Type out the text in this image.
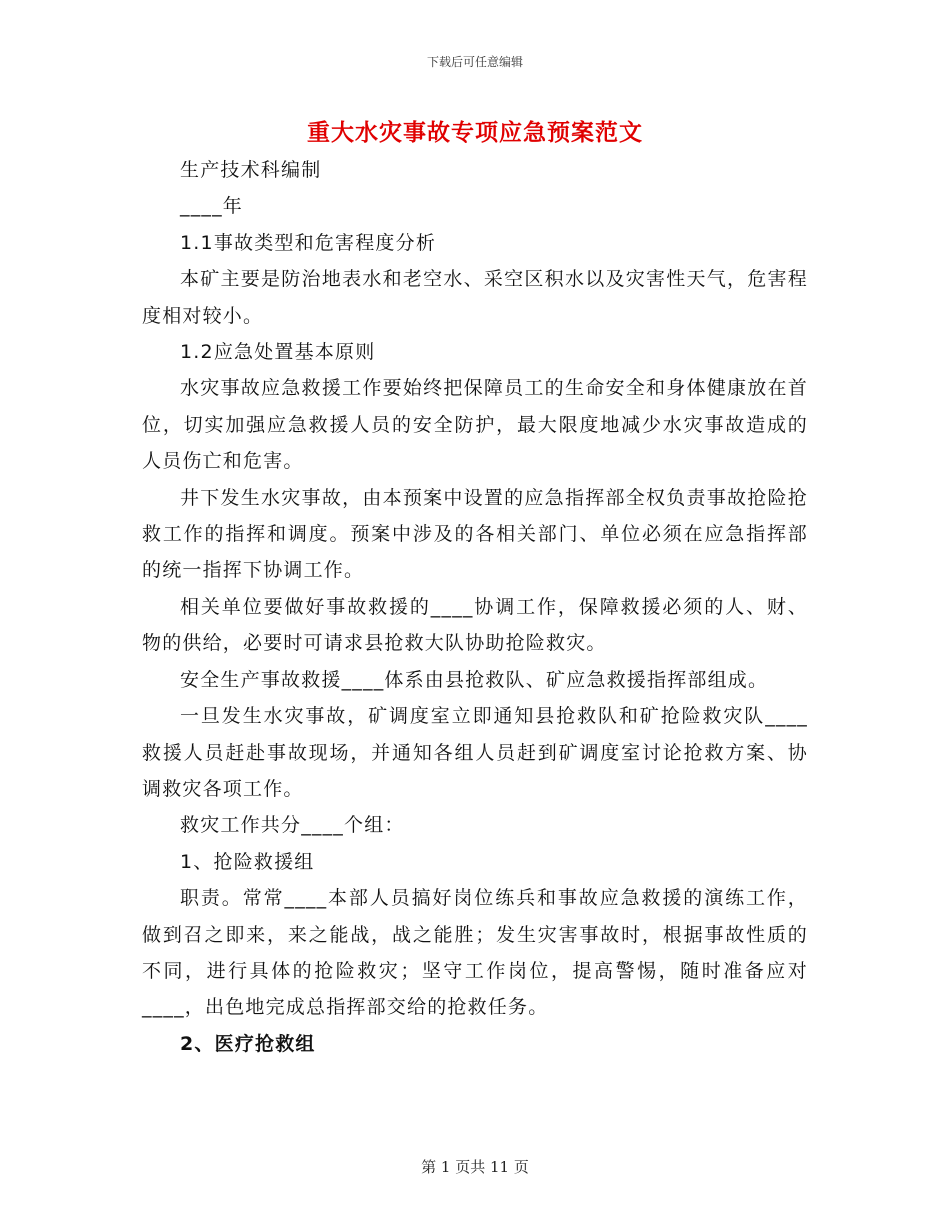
下载后可任意编辑
重大水灾事故专项应急预案范文

生产技术科编制

____年

1.1事故类型和危害程度分析

本矿主要是防治地表水和老空水、采空区积水以及灾害性天气，危害程度相对较小。

1.2应急处置基本原则

水灾事故应急救援工作要始终把保障员工的生命安全和身体健康放在首位，切实加强应急救援人员的安全防护，最大限度地减少水灾事故造成的人员伤亡和危害。

井下发生水灾事故，由本预案中设置的应急指挥部全权负责事故抢险抢救工作的指挥和调度。预案中涉及的各相关部门、单位必须在应急指挥部的统一指挥下协调工作。

相关单位要做好事故救援的____协调工作，保障救援必须的人、财、物的供给，必要时可请求县抢救大队协助抢险救灾。

安全生产事故救援____体系由县抢救队、矿应急救援指挥部组成。

一旦发生水灾事故，矿调度室立即通知县抢救队和矿抢险救灾队____救援人员赶赴事故现场，并通知各组人员赶到矿调度室讨论抢救方案、协调救灾各项工作。

救灾工作共分____个组：

1、抢险救援组

职责。常常____本部人员搞好岗位练兵和事故应急救援的演练工作，做到召之即来，来之能战，战之能胜；发生灾害事故时，根据事故性质的不同，进行具体的抢险救灾；坚守工作岗位，提高警惕，随时准备应对____，出色地完成总指挥部交给的抢救任务。

2、医疗抢救组

第 1 页共 11 页
